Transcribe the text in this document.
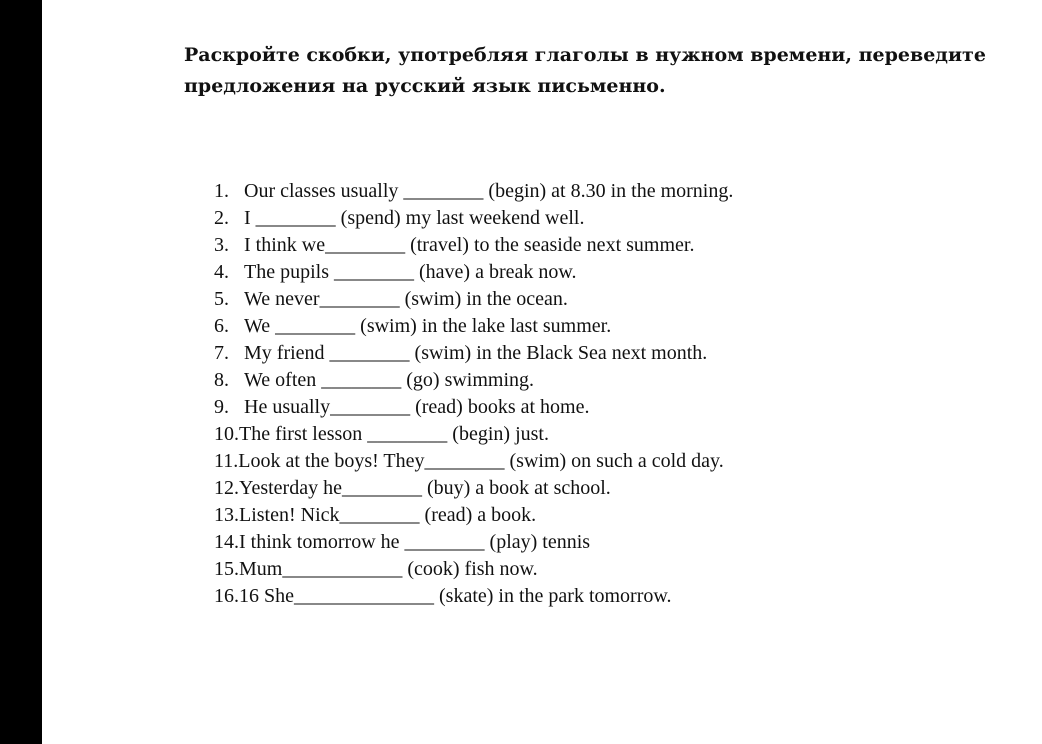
Раскройте скобки, употребляя глаголы в нужном времени, переведите
предложения на русский язык письменно.
1. Our classes usually ________ (begin) at 8.30 in the morning.
2. I ________ (spend) my last weekend well.
3. I think we________ (travel) to the seaside next summer.
4. The pupils ________ (have) a break now.
5. We never________ (swim) in the ocean.
6. We ________ (swim) in the lake last summer.
7. My friend ________ (swim) in the Black Sea next month.
8. We often ________ (go) swimming.
9. He usually________ (read) books at home.
10.The first lesson ________ (begin) just.
11.Look at the boys! They________ (swim) on such a cold day.
12.Yesterday he________ (buy) a book at school.
13.Listen! Nick________ (read) a book.
14.I think tomorrow he ________ (play) tennis
15.Mum____________ (cook) fish now.
16.16 She______________ (skate) in the park tomorrow.
